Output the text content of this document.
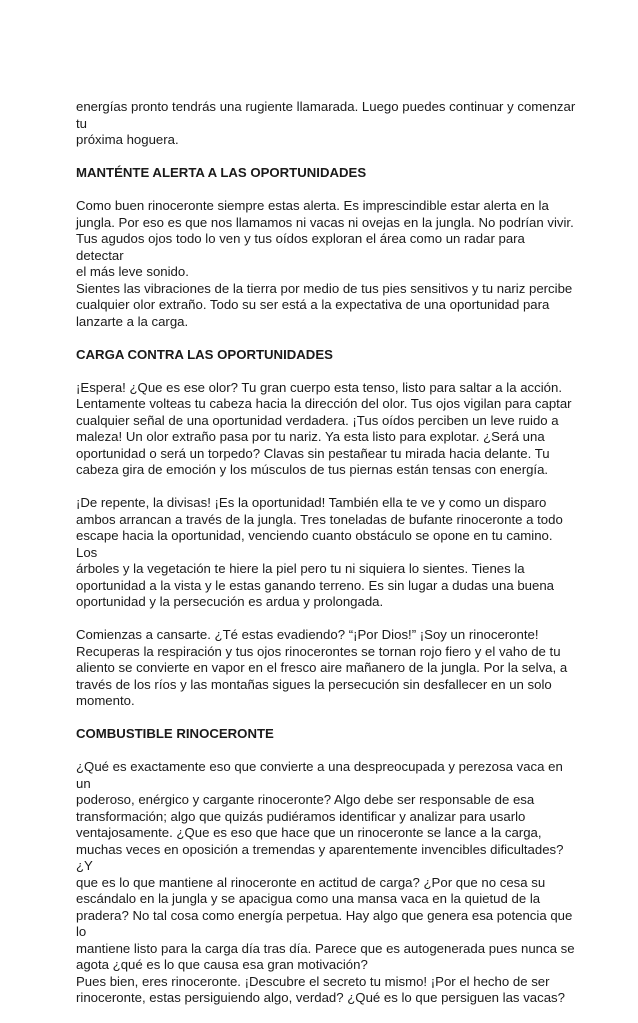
energías pronto tendrás una rugiente llamarada. Luego puedes continuar y comenzar tu
próxima hoguera.

MANTÉNTE ALERTA A LAS OPORTUNIDADES

Como buen rinoceronte siempre estas alerta. Es imprescindible estar alerta en la
jungla. Por eso es que nos llamamos ni vacas ni ovejas en la jungla. No podrían vivir.
Tus agudos ojos todo lo ven y tus oídos exploran el área como un radar para detectar
el más leve sonido.

Sientes las vibraciones de la tierra por medio de tus pies sensitivos y tu nariz percibe
cualquier olor extraño. Todo su ser está a la expectativa de una oportunidad para
lanzarte a la carga.

CARGA CONTRA LAS OPORTUNIDADES

¡Espera! ¿Que es ese olor? Tu gran cuerpo esta tenso, listo para saltar a la acción.
Lentamente volteas tu cabeza hacia la dirección del olor. Tus ojos vigilan para captar
cualquier señal de una oportunidad verdadera. ¡Tus oídos perciben un leve ruido a
maleza! Un olor extraño pasa por tu nariz. Ya esta listo para explotar. ¿Será una
oportunidad o será un torpedo? Clavas sin pestañear tu mirada hacia delante. Tu
cabeza gira de emoción y los músculos de tus piernas están tensas con energía.

¡De repente, la divisas! ¡Es la oportunidad! También ella te ve y como un disparo
ambos arrancan a través de la jungla. Tres toneladas de bufante rinoceronte a todo
escape hacia la oportunidad, venciendo cuanto obstáculo se opone en tu camino. Los
árboles y la vegetación te hiere la piel pero tu ni siquiera lo sientes. Tienes la
oportunidad a la vista y le estas ganando terreno. Es sin lugar a dudas una buena
oportunidad y la persecución es ardua y prolongada.

Comienzas a cansarte. ¿Té estas evadiendo? “¡Por Dios!” ¡Soy un rinoceronte!
Recuperas la respiración y tus ojos rinocerontes se tornan rojo fiero y el vaho de tu
aliento se convierte en vapor en el fresco aire mañanero de la jungla. Por la selva, a
través de los ríos y las montañas sigues la persecución sin desfallecer en un solo
momento.

COMBUSTIBLE RINOCERONTE

¿Qué es exactamente eso que convierte a una despreocupada y perezosa vaca en un
poderoso, enérgico y cargante rinoceronte? Algo debe ser responsable de esa
transformación; algo que quizás pudiéramos identificar y analizar para usarlo
ventajosamente. ¿Que es eso que hace que un rinoceronte se lance a la carga,
muchas veces en oposición a tremendas y aparentemente invencibles dificultades? ¿Y
que es lo que mantiene al rinoceronte en actitud de carga? ¿Por que no cesa su
escándalo en la jungla y se apacigua como una mansa vaca en la quietud de la
pradera? No tal cosa como energía perpetua. Hay algo que genera esa potencia que lo
mantiene listo para la carga día tras día. Parece que es autogenerada pues nunca se
agota ¿qué es lo que causa esa gran motivación?

Pues bien, eres rinoceronte. ¡Descubre el secreto tu mismo! ¡Por el hecho de ser
rinoceronte, estas persiguiendo algo, verdad? ¿Qué es lo que persiguen las vacas?
